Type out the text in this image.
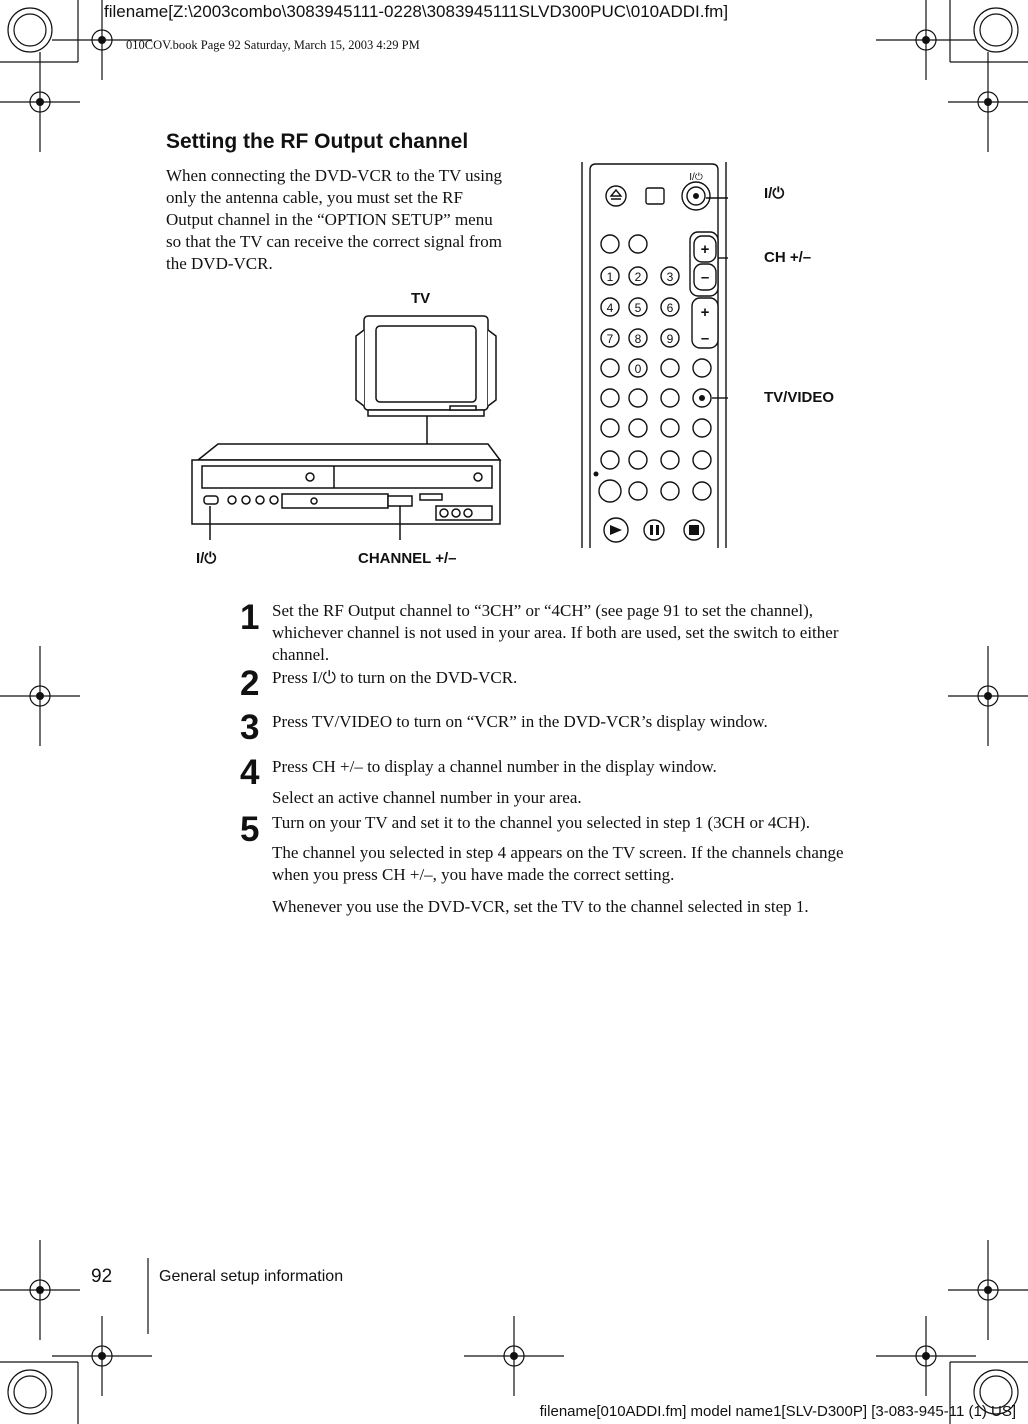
filename[Z:\2003combo\3083945111-0228\3083945111SLVD300PUC\010ADDI.fm]
010COV.book Page 92 Saturday, March 15, 2003 4:29 PM
Setting the RF Output channel
When connecting the DVD-VCR to the TV using only the antenna cable, you must set the RF Output channel in the “OPTION SETUP” menu so that the TV can receive the correct signal from the DVD-VCR.
TV
I/⏻	CHANNEL +/–
1 2 3
4 5 6
7 8 9
0
+
–
+
–
I/⏻
I/⏻
CH +/–
TV/VIDEO
1 Set the RF Output channel to “3CH” or “4CH” (see page 91 to set the channel), whichever channel is not used in your area. If both are used, set the switch to either channel.
2 Press I/⏻ to turn on the DVD-VCR.
3 Press TV/VIDEO to turn on “VCR” in the DVD-VCR’s display window.
4 Press CH +/– to display a channel number in the display window.
Select an active channel number in your area.
5 Turn on your TV and set it to the channel you selected in step 1 (3CH or 4CH).
The channel you selected in step 4 appears on the TV screen. If the channels change when you press CH +/–, you have made the correct setting.
Whenever you use the DVD-VCR, set the TV to the channel selected in step 1.
92	General setup information
filename[010ADDI.fm] model name1[SLV-D300P] [3-083-945-11 (1) US]
